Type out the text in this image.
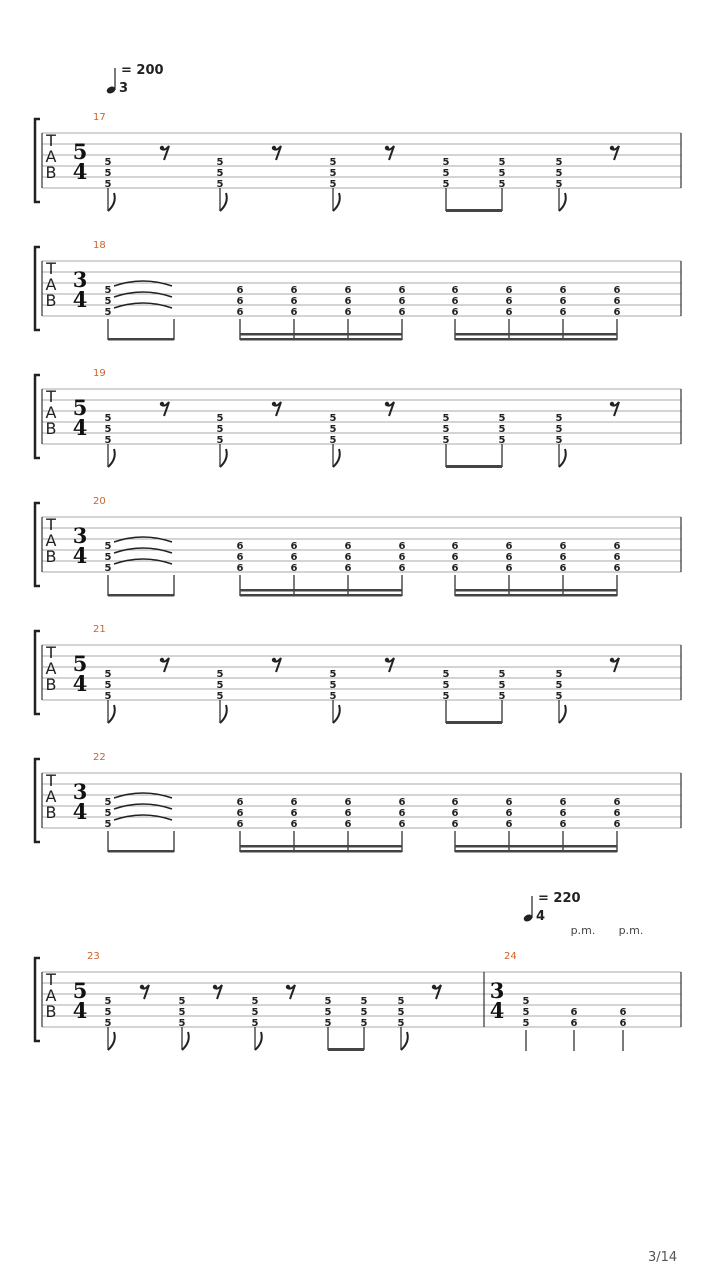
T
A
B
17
5
4 5
5
5
5
5
5
5
5
5
5
5
5
5
5
5
5
5
5
T
A
B
18
3
4 5
5
5
6
6
6
6
6
6
6
6
6
6
6
6
6
6
6
6
6
6
6
6
6
6
6
6
T
A
B
19
5
4 5
5
5
5
5
5
5
5
5
5
5
5
5
5
5
5
5
5
T
A
B
20
3
4 5
5
5
6
6
6
6
6
6
6
6
6
6
6
6
6
6
6
6
6
6
6
6
6
6
6
6
T
A
B
21
5
4 5
5
5
5
5
5
5
5
5
5
5
5
5
5
5
5
5
5
T
A
B
22
3
4 5
5
5
6
6
6
6
6
6
6
6
6
6
6
6
6
6
6
6
6
6
6
6
6
6
6
6
T
A
B
23
5
4 5
5
5
5
5
5
5
5
5
5
5
5
5
5
5
5
5
5
24
3
4 5
5
5
6
6
6
6
p.m. p.m.
= 200
3
= 220
4
3/14
